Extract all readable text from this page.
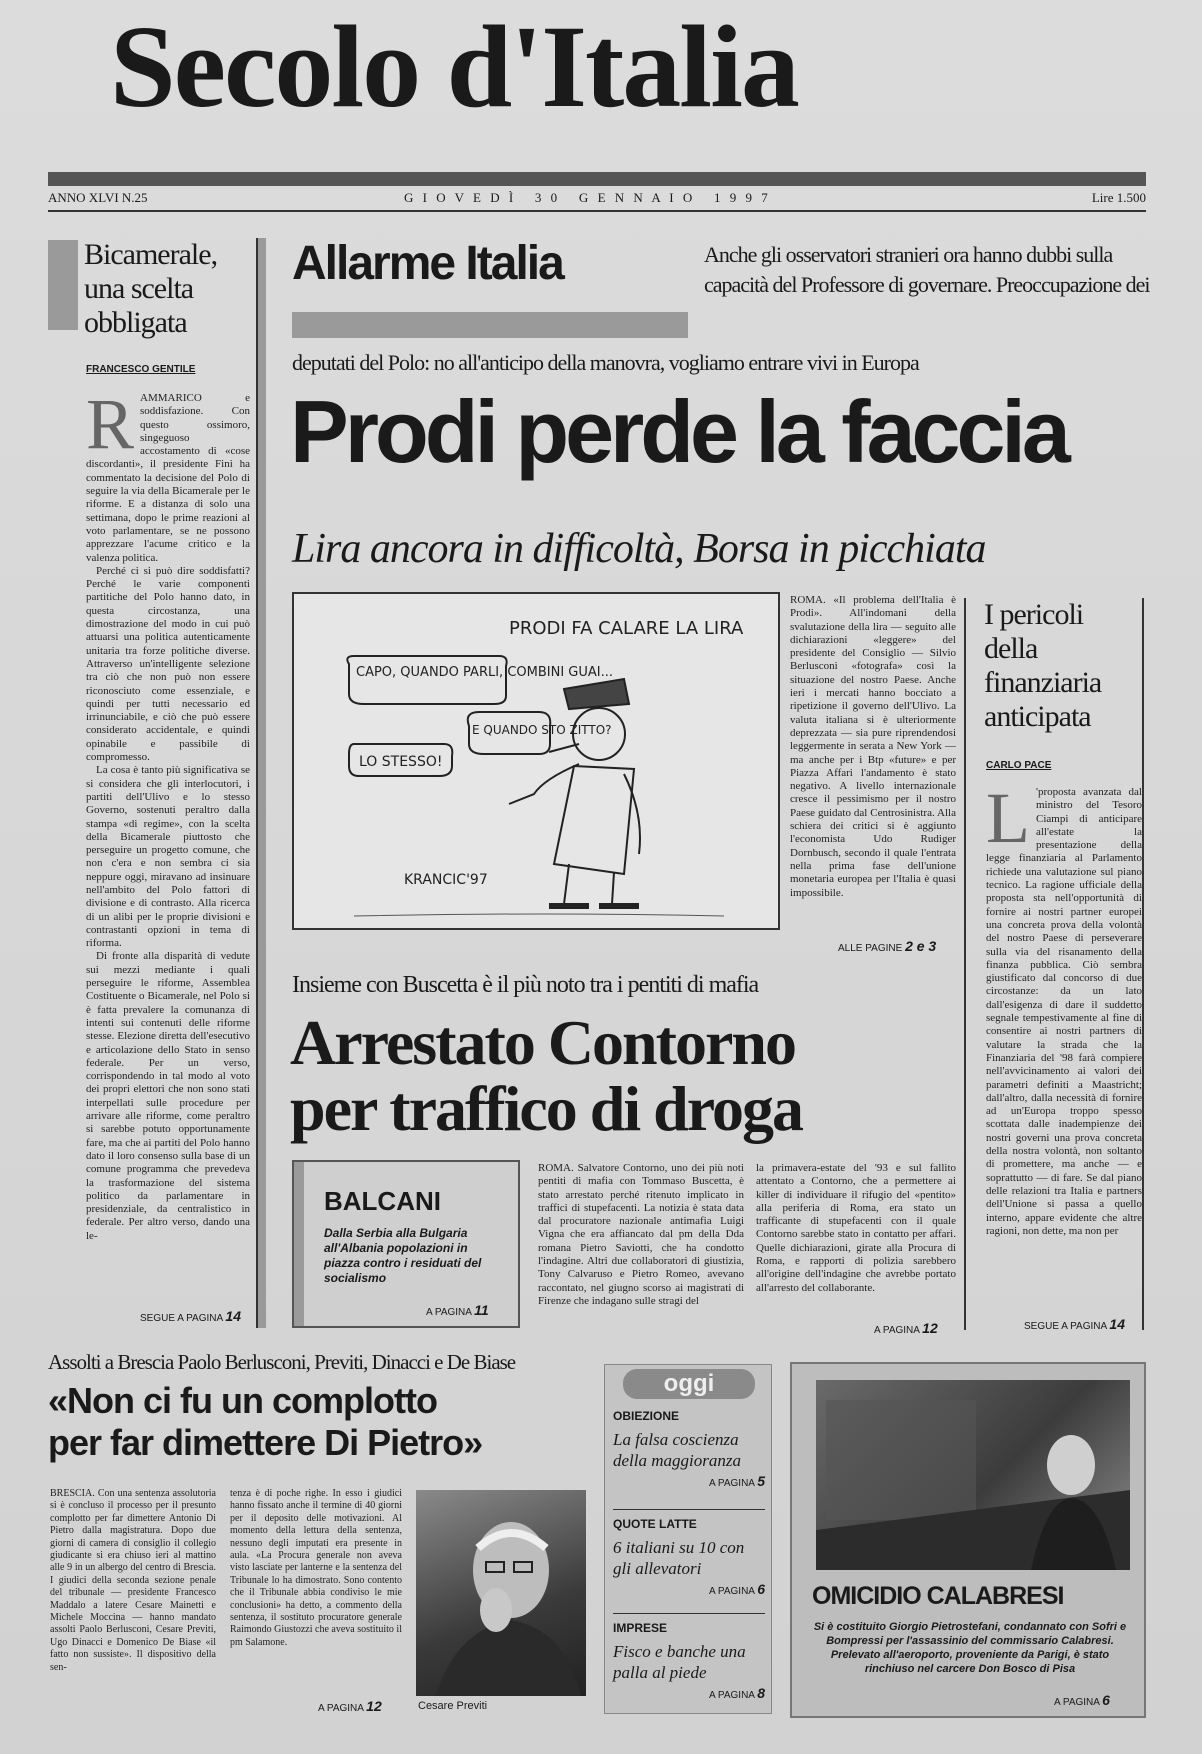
Secolo d'Italia
ANNO XLVI N.25	G I O V E D Ì   3 0   G E N N A I O   1 9 9 7	Lire 1.500
Bicamerale,
una scelta
obbligata
FRANCESCO GENTILE
R AMMARICO e soddisfazione. Con questo ossimoro, singeguoso accostamento di «cose discordanti», il presidente Fini ha commentato la decisione del Polo di seguire la via della Bicamerale per le riforme. E a distanza di solo una settimana, dopo le prime reazioni al voto parlamentare, se ne possono apprezzare l'acume critico e la valenza politica.

Perché ci si può dire soddisfatti? Perché le varie componenti partitiche del Polo hanno dato, in questa circostanza, una dimostrazione del modo in cui può attuarsi una politica autenticamente unitaria tra forze politiche diverse. Attraverso un'intelligente selezione tra ciò che non può non essere riconosciuto come essenziale, e quindi per tutti necessario ed irrinunciabile, e ciò che può essere considerato accidentale, e quindi opinabile e passibile di compromesso.

La cosa è tanto più significativa se si considera che gli interlocutori, i partiti dell'Ulivo e lo stesso Governo, sostenuti peraltro dalla stampa «di regime», con la scelta della Bicamerale piuttosto che perseguire un progetto comune, che non c'era e non sembra ci sia neppure oggi, miravano ad insinuare nell'ambito del Polo fattori di divisione e di contrasto. Alla ricerca di un alibi per le proprie divisioni e contrastanti opzioni in tema di riforma.

Di fronte alla disparità di vedute sui mezzi mediante i quali perseguire le riforme, Assemblea Costituente o Bicamerale, nel Polo si è fatta prevalere la comunanza di intenti sui contenuti delle riforme stesse. Elezione diretta dell'esecutivo e articolazione dello Stato in senso federale. Per un verso, corrispondendo in tal modo al voto dei propri elettori che non sono stati interpellati sulle procedure per arrivare alle riforme, come peraltro si sarebbe potuto opportunamente fare, ma che ai partiti del Polo hanno dato il loro consenso sulla base di un comune programma che prevedeva la trasformazione del sistema politico da parlamentare in presidenziale, da centralistico in federale. Per altro verso, dando una le-

SEGUE A PAGINA 14
Allarme Italia	Anche gli osservatori stranieri ora hanno dubbi sulla capacità del Professore di governare. Preoccupazione dei
deputati del Polo: no all'anticipo della manovra, vogliamo entrare vivi in Europa
Prodi perde la faccia
Lira ancora in difficoltà, Borsa in picchiata
PRODI FA CALARE LA LIRA
CAPO, QUANDO PARLI, COMBINI GUAI...
E QUANDO STO ZITTO?
LO STESSO!
KRANCIC'97
ROMA. «Il problema dell'Italia è Prodi». All'indomani della svalutazione della lira — seguito alle dichiarazioni «leggere» del presidente del Consiglio — Silvio Berlusconi «fotografa» così la situazione del nostro Paese. Anche ieri i mercati hanno bocciato a ripetizione il governo dell'Ulivo. La valuta italiana si è ulteriormente deprezzata — sia pure riprendendosi leggermente in serata a New York — ma anche per i Btp «future» e per Piazza Affari l'andamento è stato negativo. A livello internazionale cresce il pessimismo per il nostro Paese guidato dal Centrosinistra. Alla schiera dei critici si è aggiunto l'economista Udo Rudiger Dornbusch, secondo il quale l'entrata nella prima fase dell'unione monetaria europea per l'Italia è quasi impossibile.
ALLE PAGINE 2 e 3
I pericoli
della
finanziaria
anticipata
CARLO PACE
L 'proposta avanzata dal ministro del Tesoro Ciampi di anticipare all'estate la presentazione della legge finanziaria al Parlamento richiede una valutazione sul piano tecnico. La ragione ufficiale della proposta sta nell'opportunità di fornire ai nostri partner europei una concreta prova della volontà del nostro Paese di perseverare sulla via del risanamento della finanza pubblica. Ciò sembra giustificato dal concorso di due circostanze: da un lato dall'esigenza di dare il suddetto segnale tempestivamente al fine di consentire ai nostri partners di valutare la strada che la Finanziaria del '98 farà compiere nell'avvicinamento ai valori dei parametri definiti a Maastricht; dall'altro, dalla necessità di fornire ad un'Europa troppo spesso scottata dalle inadempienze dei nostri governi una prova concreta della nostra volontà, non soltanto di promettere, ma anche — e soprattutto — di fare. Se dal piano delle relazioni tra Italia e partners dell'Unione si passa a quello interno, appare evidente che altre ragioni, non dette, ma non per

SEGUE A PAGINA 14
Insieme con Buscetta è il più noto tra i pentiti di mafia
Arrestato Contorno
per traffico di droga
BALCANI
Dalla Serbia alla Bulgaria all'Albania popolazioni in piazza contro i residuati del socialismo
A PAGINA 11
ROMA. Salvatore Contorno, uno dei più noti pentiti di mafia con Tommaso Buscetta, è stato arrestato perché ritenuto implicato in traffici di stupefacenti. La notizia è stata data dal procuratore nazionale antimafia Luigi Vigna che era affiancato dal pm della Dda romana Pietro Saviotti, che ha condotto l'indagine. Altri due collaboratori di giustizia, Tony Calvaruso e Pietro Romeo, avevano raccontato, nel giugno scorso ai magistrati di Firenze che indagano sulle stragi del
la primavera-estate del '93 e sul fallito attentato a Contorno, che a permettere ai killer di individuare il rifugio del «pentito» alla periferia di Roma, era stato un trafficante di stupefacenti con il quale Contorno sarebbe stato in contatto per affari. Quelle dichiarazioni, girate alla Procura di Roma, e rapporti di polizia sarebbero all'origine dell'indagine che avrebbe portato all'arresto del collaborante.
A PAGINA 12
Assolti a Brescia Paolo Berlusconi, Previti, Dinacci e De Biase
«Non ci fu un complotto
per far dimettere Di Pietro»
BRESCIA. Con una sentenza assolutoria si è concluso il processo per il presunto complotto per far dimettere Antonio Di Pietro dalla magistratura. Dopo due giorni di camera di consiglio il collegio giudicante si era chiuso ieri al mattino alle 9 in un albergo del centro di Brescia. I giudici della seconda sezione penale del tribunale — presidente Francesco Maddalo a latere Cesare Mainetti e Michele Moccina — hanno mandato assolti Paolo Berlusconi, Cesare Previti, Ugo Dinacci e Domenico De Biase «il fatto non sussiste». Il dispositivo della sen-
tenza è di poche righe. In esso i giudici hanno fissato anche il termine di 40 giorni per il deposito delle motivazioni. Al momento della lettura della sentenza, nessuno degli imputati era presente in aula. «La Procura generale non aveva visto lasciate per lanterne e la sentenza del Tribunale lo ha dimostrato. Sono contento che il Tribunale abbia condiviso le mie conclusioni» ha detto, a commento della sentenza, il sostituto procuratore generale Raimondo Giustozzi che aveva sostituito il pm Salamone.
A PAGINA 12	Cesare Previti
oggi
OBIEZIONE
La falsa coscienza della maggioranza
A PAGINA 5
QUOTE LATTE
6 italiani su 10 con gli allevatori
A PAGINA 6
IMPRESE
Fisco e banche una palla al piede
A PAGINA 8
OMICIDIO CALABRESI
Si è costituito Giorgio Pietrostefani, condannato con Sofri e Bompressi per l'assassinio del commissario Calabresi. Prelevato all'aeroporto, proveniente da Parigi, è stato rinchiuso nel carcere Don Bosco di Pisa
A PAGINA 6
